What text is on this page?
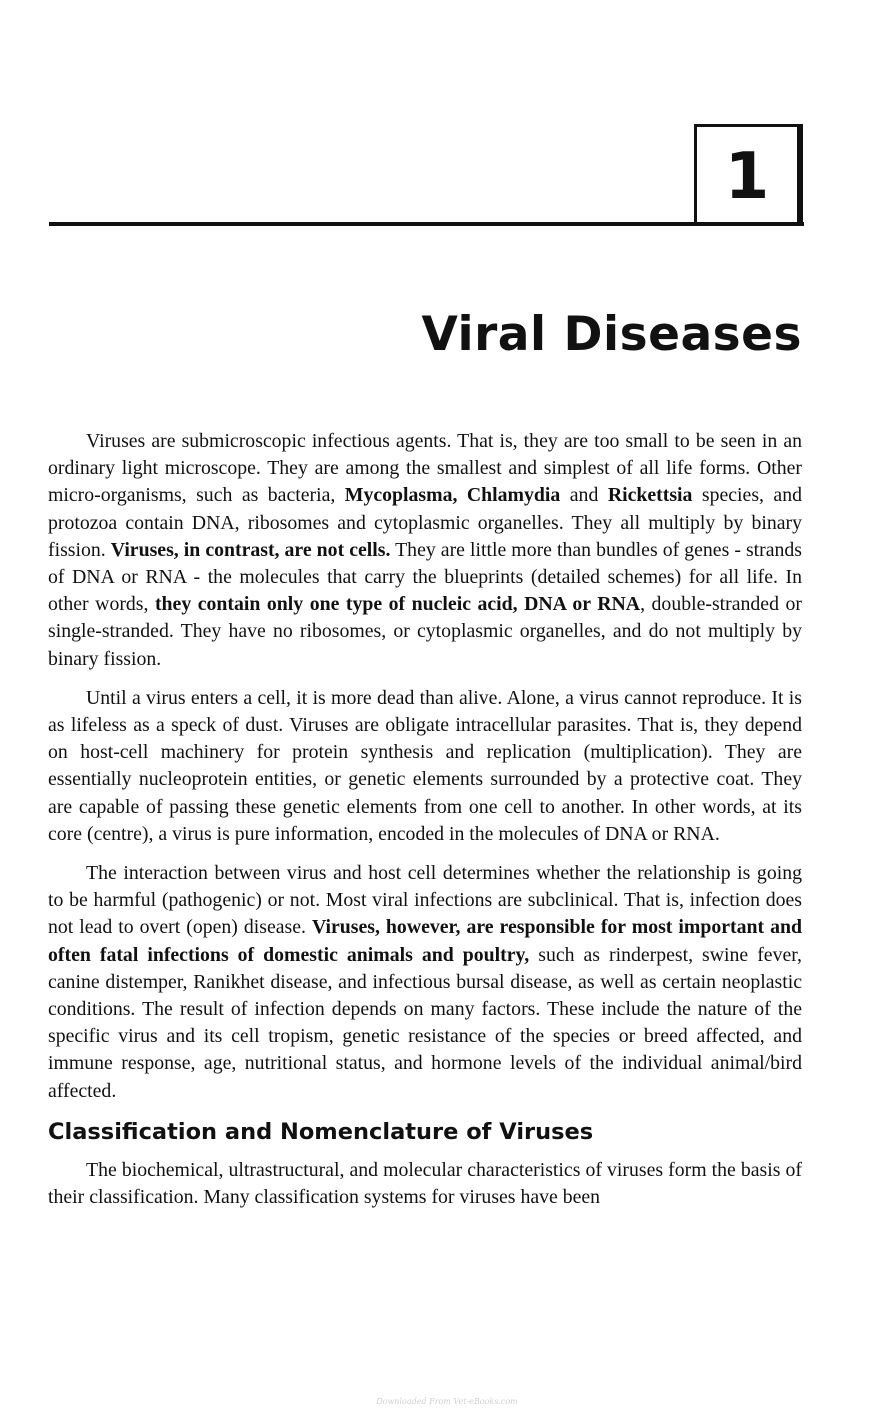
1
Viral Diseases

Viruses are submicroscopic infectious agents. That is, they are too small to be seen in an ordinary light microscope. They are among the smallest and simplest of all life forms. Other micro-organisms, such as bacteria, Mycoplasma, Chlamydia and Rickettsia species, and protozoa contain DNA, ribosomes and cytoplasmic organelles. They all multiply by binary fission. Viruses, in contrast, are not cells. They are little more than bundles of genes - strands of DNA or RNA - the molecules that carry the blueprints (detailed schemes) for all life. In other words, they contain only one type of nucleic acid, DNA or RNA, double-stranded or single-stranded. They have no ribosomes, or cytoplasmic organelles, and do not multiply by binary fission.

Until a virus enters a cell, it is more dead than alive. Alone, a virus cannot reproduce. It is as lifeless as a speck of dust. Viruses are obligate intracellular parasites. That is, they depend on host-cell machinery for protein synthesis and replication (multiplication). They are essentially nucleoprotein entities, or genetic elements surrounded by a protective coat. They are capable of passing these genetic elements from one cell to another. In other words, at its core (centre), a virus is pure information, encoded in the molecules of DNA or RNA.

The interaction between virus and host cell determines whether the relationship is going to be harmful (pathogenic) or not. Most viral infections are subclinical. That is, infection does not lead to overt (open) disease. Viruses, however, are responsible for most important and often fatal infections of domestic animals and poultry, such as rinderpest, swine fever, canine distemper, Ranikhet disease, and infectious bursal disease, as well as certain neoplastic conditions. The result of infection depends on many factors. These include the nature of the specific virus and its cell tropism, genetic resistance of the species or breed affected, and immune response, age, nutritional status, and hormone levels of the individual animal/bird affected.

Classification and Nomenclature of Viruses

The biochemical, ultrastructural, and molecular characteristics of viruses form the basis of their classification. Many classification systems for viruses have been

Downloaded From Vet-eBooks.com
